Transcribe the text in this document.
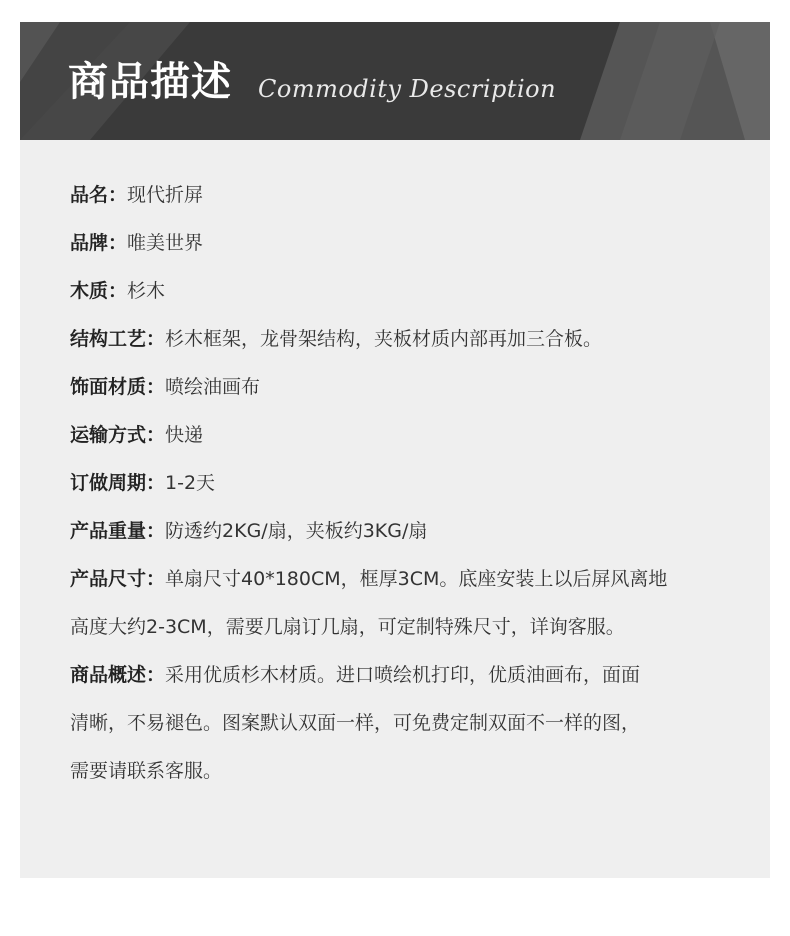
商品描述 Commodity Description
品名：现代折屏
品牌：唯美世界
木质：杉木
结构工艺：杉木框架，龙骨架结构，夹板材质内部再加三合板。
饰面材质：喷绘油画布
运输方式：快递
订做周期：1-2天
产品重量：防透约2KG/扇，夹板约3KG/扇
产品尺寸：单扇尺寸40*180CM，框厚3CM。底座安装上以后屏风离地
高度大约2-3CM，需要几扇订几扇，可定制特殊尺寸，详询客服。
商品概述：采用优质杉木材质。进口喷绘机打印，优质油画布，面面
清晰，不易褪色。图案默认双面一样，可免费定制双面不一样的图，
需要请联系客服。
